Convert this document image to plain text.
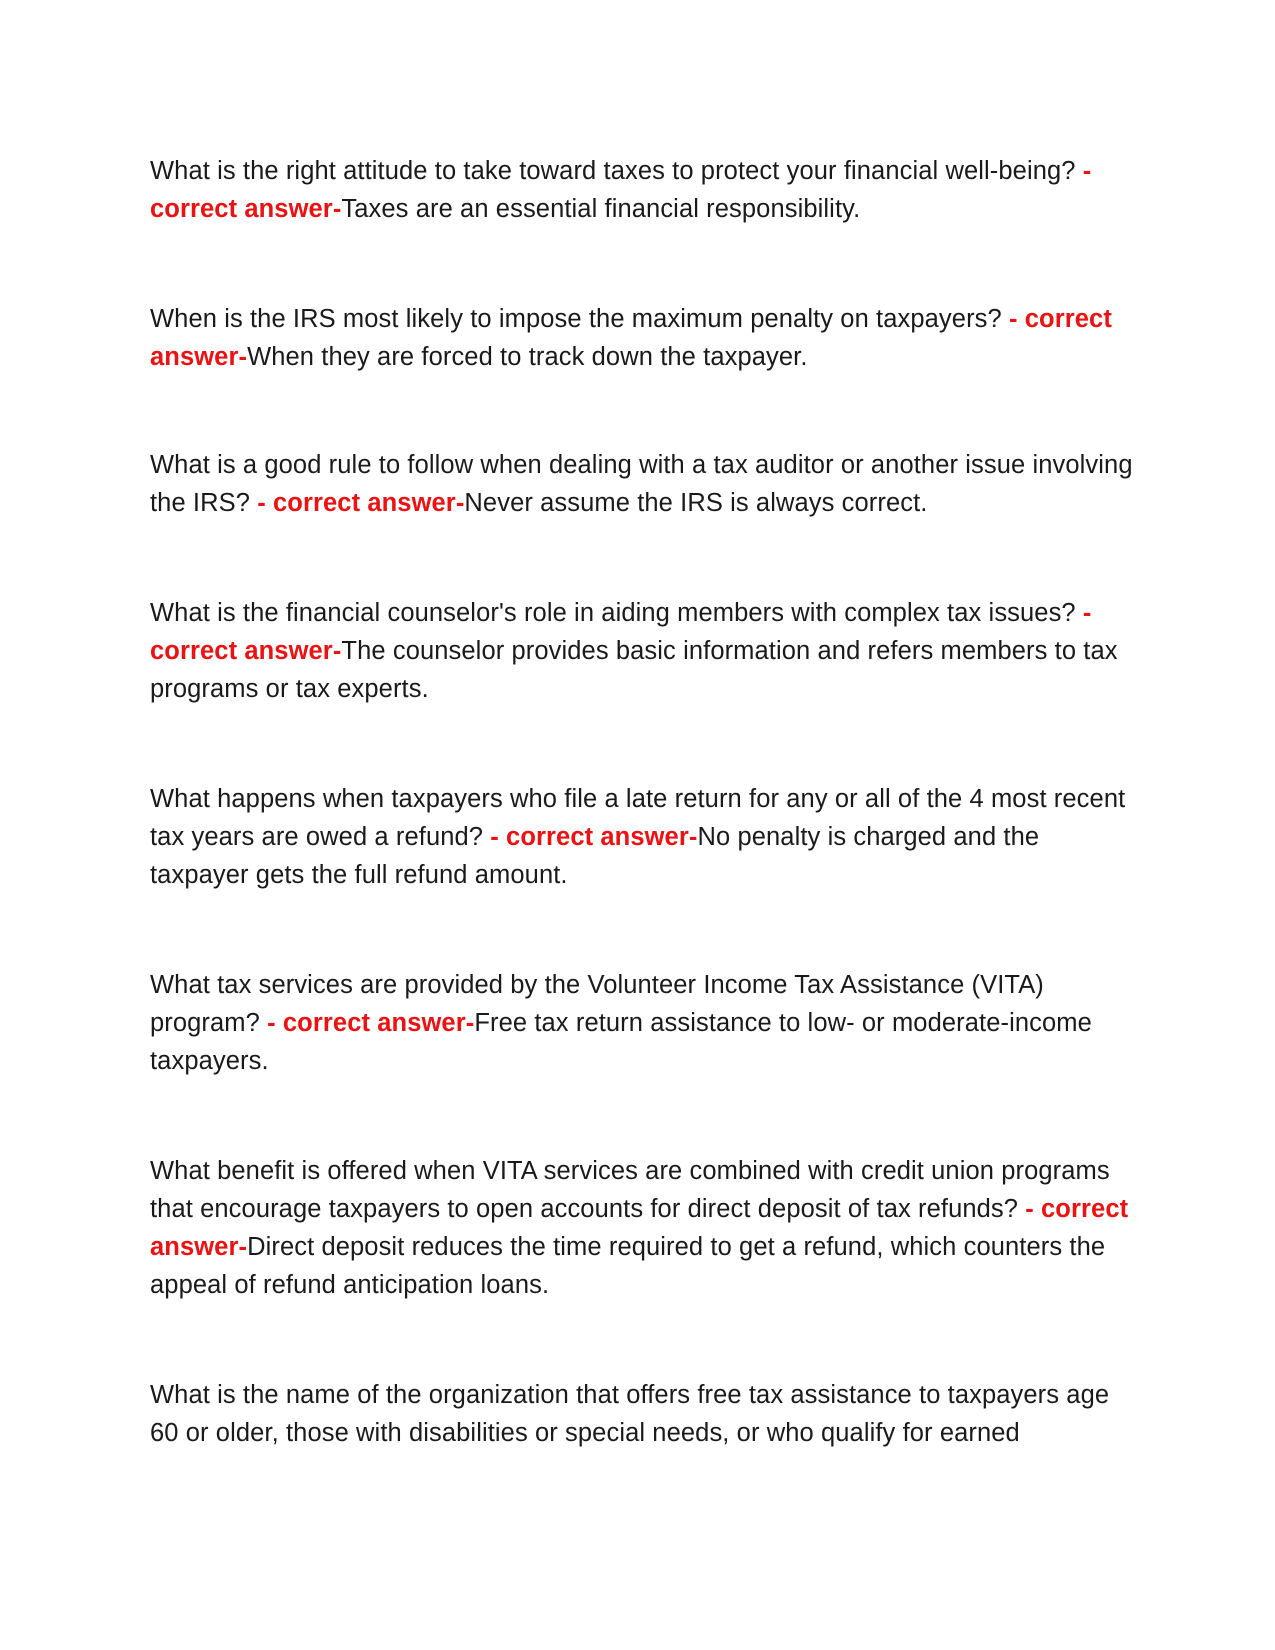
What is the right attitude to take toward taxes to protect your financial well-being? - correct answer-Taxes are an essential financial responsibility.

When is the IRS most likely to impose the maximum penalty on taxpayers? - correct answer-When they are forced to track down the taxpayer.

What is a good rule to follow when dealing with a tax auditor or another issue involving the IRS? - correct answer-Never assume the IRS is always correct.

What is the financial counselor's role in aiding members with complex tax issues? - correct answer-The counselor provides basic information and refers members to tax programs or tax experts.

What happens when taxpayers who file a late return for any or all of the 4 most recent tax years are owed a refund? - correct answer-No penalty is charged and the taxpayer gets the full refund amount.

What tax services are provided by the Volunteer Income Tax Assistance (VITA) program? - correct answer-Free tax return assistance to low- or moderate-income taxpayers.

What benefit is offered when VITA services are combined with credit union programs that encourage taxpayers to open accounts for direct deposit of tax refunds? - correct answer-Direct deposit reduces the time required to get a refund, which counters the appeal of refund anticipation loans.

What is the name of the organization that offers free tax assistance to taxpayers age 60 or older, those with disabilities or special needs, or who qualify for earned
